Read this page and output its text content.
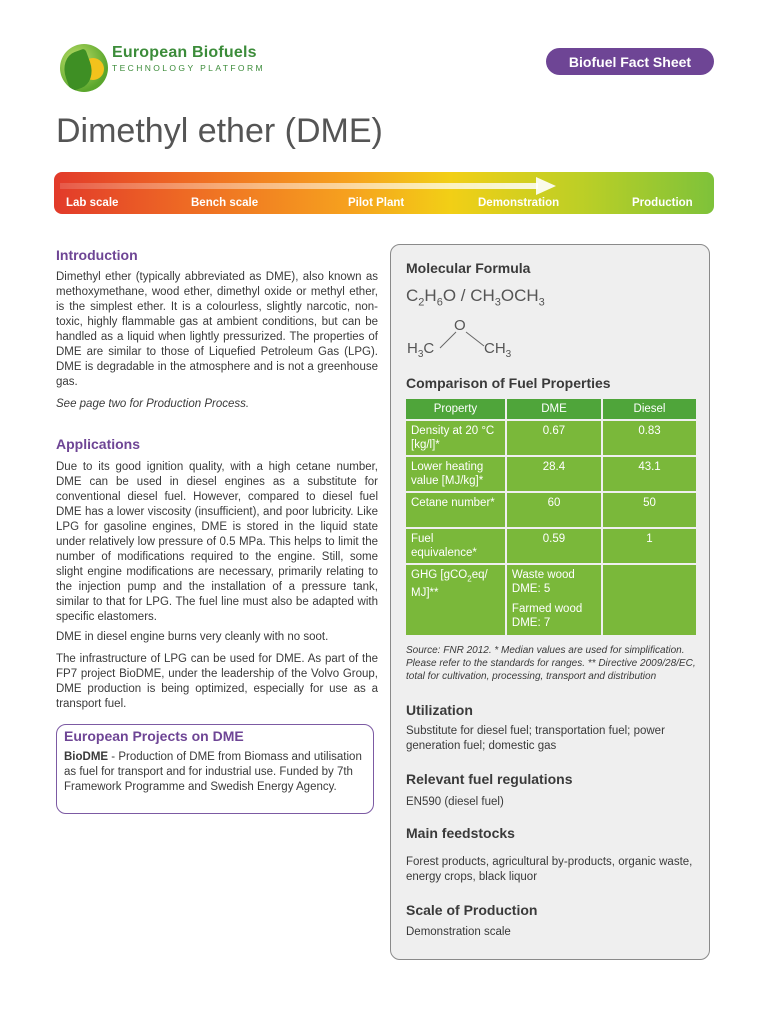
European Biofuels
TECHNOLOGY PLATFORM	Biofuel Fact Sheet
Dimethyl ether (DME)
Lab scale	Bench scale	Pilot Plant	Demonstration	Production
Introduction
Dimethyl ether (typically abbreviated as DME), also known as methoxymethane, wood ether, dimethyl oxide or methyl ether, is the simplest ether. It is a colourless, slightly narcotic, non-toxic, highly flammable gas at ambient conditions, but can be handled as a liquid when lightly pressurized. The properties of DME are similar to those of Liquefied Petroleum Gas (LPG). DME is degradable in the atmosphere and is not a greenhouse gas.
See page two for Production Process.
Applications
Due to its good ignition quality, with a high cetane number, DME can be used in diesel engines as a substitute for conventional diesel fuel. However, compared to diesel fuel DME has a lower viscosity (insufficient), and poor lubricity. Like LPG for gasoline engines, DME is stored in the liquid state under relatively low pressure of 0.5 MPa. This helps to limit the number of modifications required to the engine. Still, some slight engine modifications are necessary, primarily relating to the injection pump and the installation of a pressure tank, similar to that for LPG. The fuel line must also be adapted with specific elastomers.
DME in diesel engine burns very cleanly with no soot.
The infrastructure of LPG can be used for DME. As part of the FP7 project BioDME, under the leadership of the Volvo Group, DME production is being optimized, especially for use as a transport fuel.
European Projects on DME
BioDME - Production of DME from Biomass and utilisation as fuel for transport and for industrial use. Funded by 7th Framework Programme and Swedish Energy Agency.
Molecular Formula
$C_2H_6O / CH_3OCH_3$
O
$H_3C$	$CH_3$
Comparison of Fuel Properties
Property	DME	Diesel
Density at 20 °C [kg/l]*	0.67	0.83
Lower heating value [MJ/kg]*	28.4	43.1
Cetane number*	60	50
Fuel equivalence*	0.59	1
GHG [gCO$_2$eq/ MJ]**	Waste wood DME: 5
Farmed wood DME: 7	

Source: FNR 2012. * Median values are used for simplification. Please refer to the standards for ranges. ** Directive 2009/28/EC, total for cultivation, processing, transport and distribution
Utilization
Substitute for diesel fuel; transportation fuel; power generation fuel; domestic gas
Relevant fuel regulations
EN590 (diesel fuel)
Main feedstocks
Forest products, agricultural by-products, organic waste, energy crops, black liquor
Scale of Production
Demonstration scale
